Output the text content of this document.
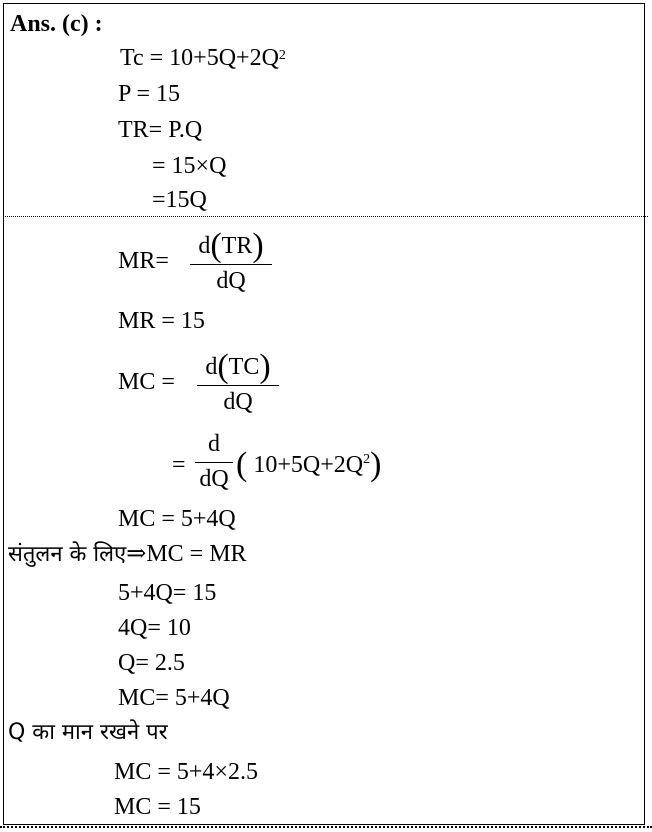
Ans. (c) :
$Tc = 10+5Q+2Q^2$
P = 15
TR= P.Q
= 15×Q
=15Q
MR=
d(TR)
dQ
MR = 15
MC =
d(TC)
dQ
=
d
dQ ( $10+5Q+2Q^2$)
MC = 5+4Q
संतुलन के लिए⇒MC = MR
5+4Q= 15
4Q= 10
Q= 2.5
MC= 5+4Q
Q का मान रखने पर
MC = 5+4×2.5
MC = 15
